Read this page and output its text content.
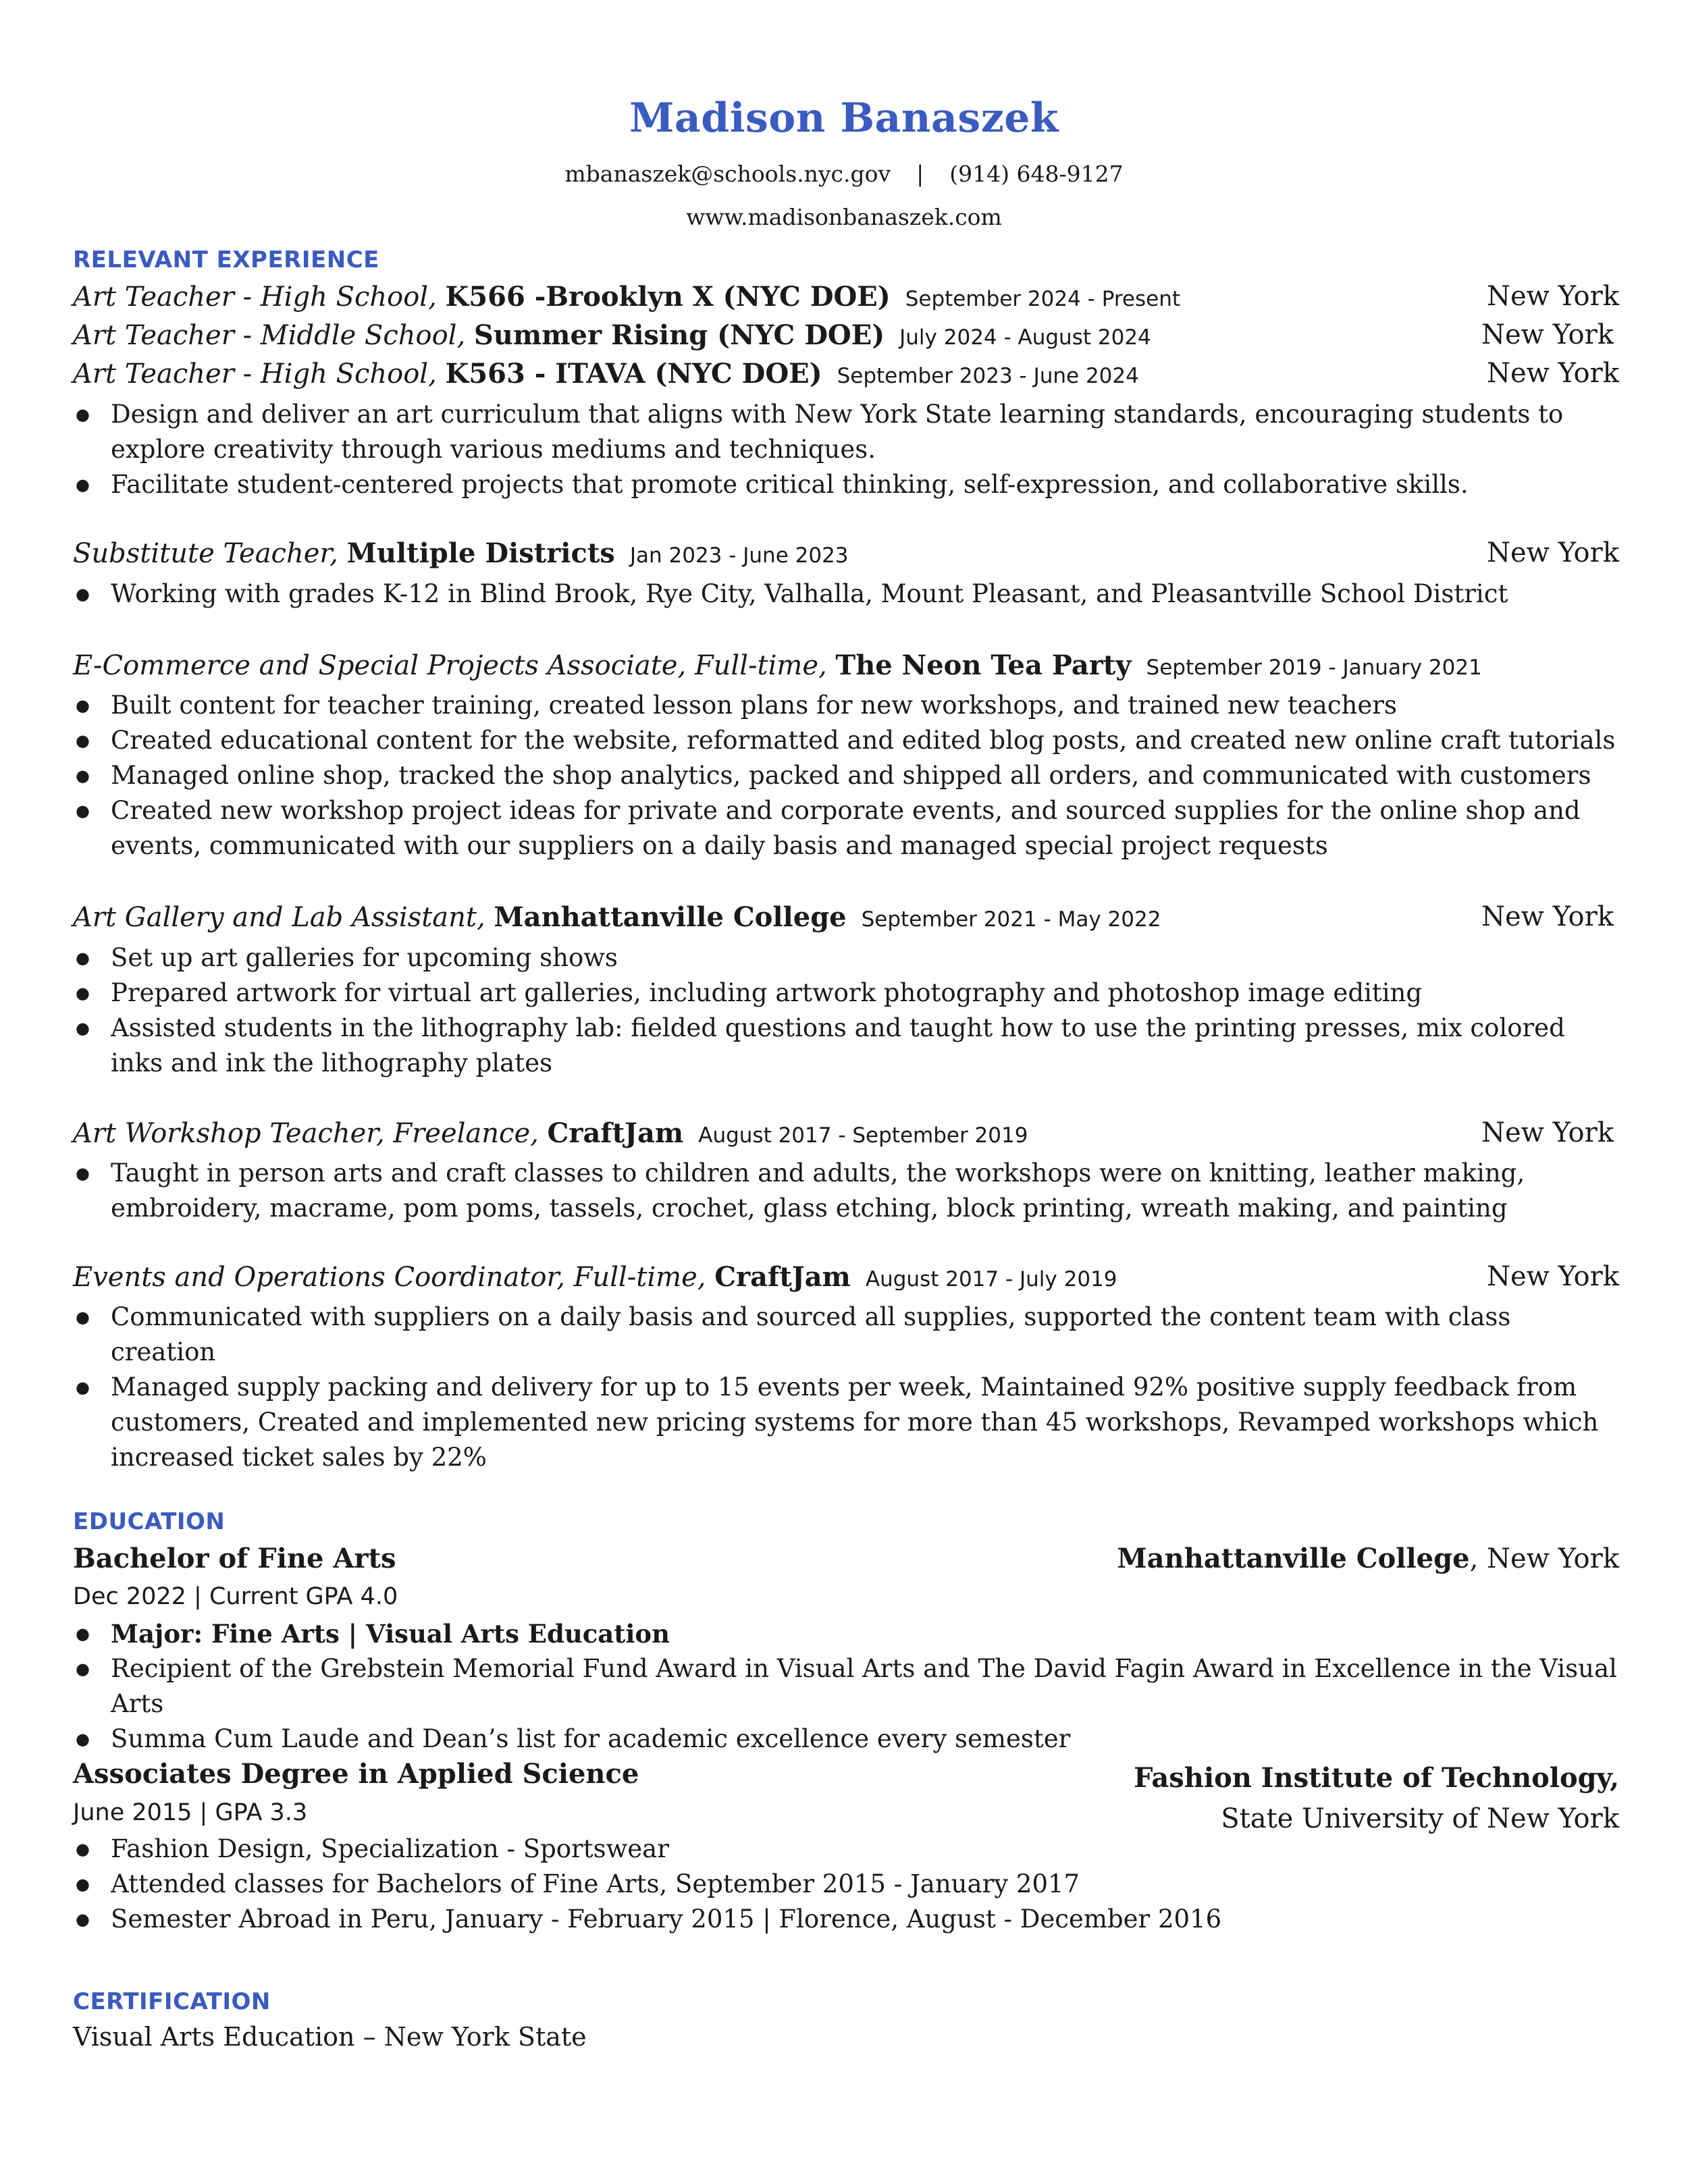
Madison Banaszek
mbanaszek@schools.nyc.gov | (914) 648-9127
www.madisonbanaszek.com
RELEVANT EXPERIENCE
Art Teacher - High School, K566 -Brooklyn X (NYC DOE) September 2024 - Present	New York
Art Teacher - Middle School, Summer Rising (NYC DOE) July 2024 - August 2024	New York
Art Teacher - High School, K563 - ITAVA (NYC DOE) September 2023 - June 2024	New York
● Design and deliver an art curriculum that aligns with New York State learning standards, encouraging students to explore creativity through various mediums and techniques.
● Facilitate student-centered projects that promote critical thinking, self-expression, and collaborative skills.
Substitute Teacher, Multiple Districts Jan 2023 - June 2023	New York
● Working with grades K-12 in Blind Brook, Rye City, Valhalla, Mount Pleasant, and Pleasantville School District
E-Commerce and Special Projects Associate, Full-time, The Neon Tea Party September 2019 - January 2021
● Built content for teacher training, created lesson plans for new workshops, and trained new teachers
● Created educational content for the website, reformatted and edited blog posts, and created new online craft tutorials
● Managed online shop, tracked the shop analytics, packed and shipped all orders, and communicated with customers
● Created new workshop project ideas for private and corporate events, and sourced supplies for the online shop and events, communicated with our suppliers on a daily basis and managed special project requests
Art Gallery and Lab Assistant, Manhattanville College September 2021 - May 2022	New York
● Set up art galleries for upcoming shows
● Prepared artwork for virtual art galleries, including artwork photography and photoshop image editing
● Assisted students in the lithography lab: fielded questions and taught how to use the printing presses, mix colored inks and ink the lithography plates
Art Workshop Teacher, Freelance, CraftJam August 2017 - September 2019	New York
● Taught in person arts and craft classes to children and adults, the workshops were on knitting, leather making, embroidery, macrame, pom poms, tassels, crochet, glass etching, block printing, wreath making, and painting
Events and Operations Coordinator, Full-time, CraftJam August 2017 - July 2019	New York
● Communicated with suppliers on a daily basis and sourced all supplies, supported the content team with class creation
● Managed supply packing and delivery for up to 15 events per week, Maintained 92% positive supply feedback from customers, Created and implemented new pricing systems for more than 45 workshops, Revamped workshops which increased ticket sales by 22%
EDUCATION
Bachelor of Fine Arts	Manhattanville College, New York
Dec 2022 | Current GPA 4.0
● Major: Fine Arts | Visual Arts Education
● Recipient of the Grebstein Memorial Fund Award in Visual Arts and The David Fagin Award in Excellence in the Visual Arts
● Summa Cum Laude and Dean’s list for academic excellence every semester
Associates Degree in Applied Science	Fashion Institute of Technology,
State University of New York
June 2015 | GPA 3.3
● Fashion Design, Specialization - Sportswear
● Attended classes for Bachelors of Fine Arts, September 2015 - January 2017
● Semester Abroad in Peru, January - February 2015 | Florence, August - December 2016
CERTIFICATION
Visual Arts Education – New York State
